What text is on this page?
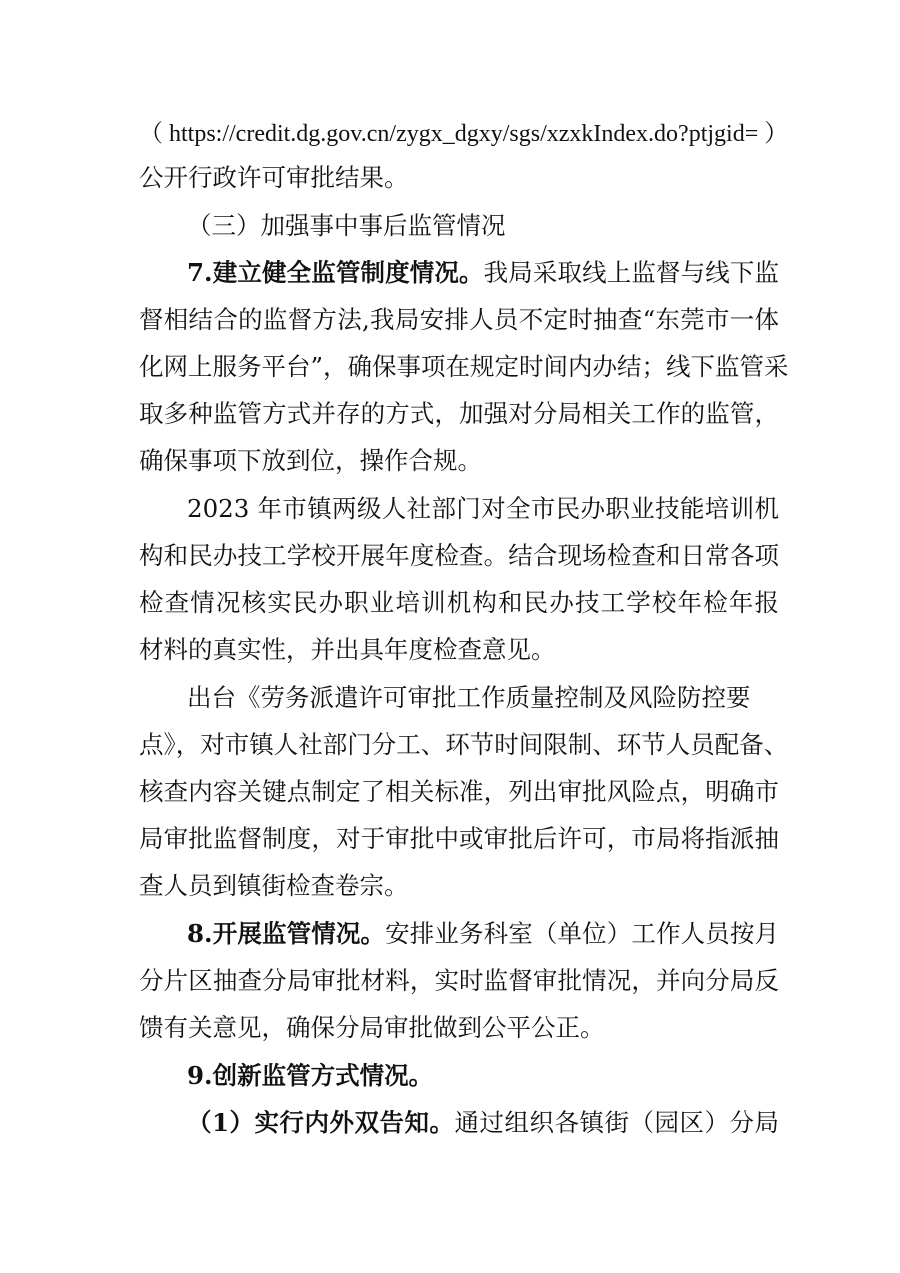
（ https://credit.dg.gov.cn/zygx_dgxy/sgs/xzxkIndex.do?ptjgid= ）
公开行政许可审批结果。
（三）加强事中事后监管情况
7.建立健全监管制度情况。我局采取线上监督与线下监
督相结合的监督方法,我局安排人员不定时抽查“东莞市一体
化网上服务平台”，确保事项在规定时间内办结；线下监管采
取多种监管方式并存的方式，加强对分局相关工作的监管，
确保事项下放到位，操作合规。
2023 年市镇两级人社部门对全市民办职业技能培训机
构和民办技工学校开展年度检查。结合现场检查和日常各项
检查情况核实民办职业培训机构和民办技工学校年检年报
材料的真实性，并出具年度检查意见。
出台《劳务派遣许可审批工作质量控制及风险防控要
点》，对市镇人社部门分工、环节时间限制、环节人员配备、
核查内容关键点制定了相关标准，列出审批风险点，明确市
局审批监督制度，对于审批中或审批后许可，市局将指派抽
查人员到镇街检查卷宗。
8.开展监管情况。安排业务科室（单位）工作人员按月
分片区抽查分局审批材料，实时监督审批情况，并向分局反
馈有关意见，确保分局审批做到公平公正。
9.创新监管方式情况。
（1）实行内外双告知。通过组织各镇街（园区）分局
